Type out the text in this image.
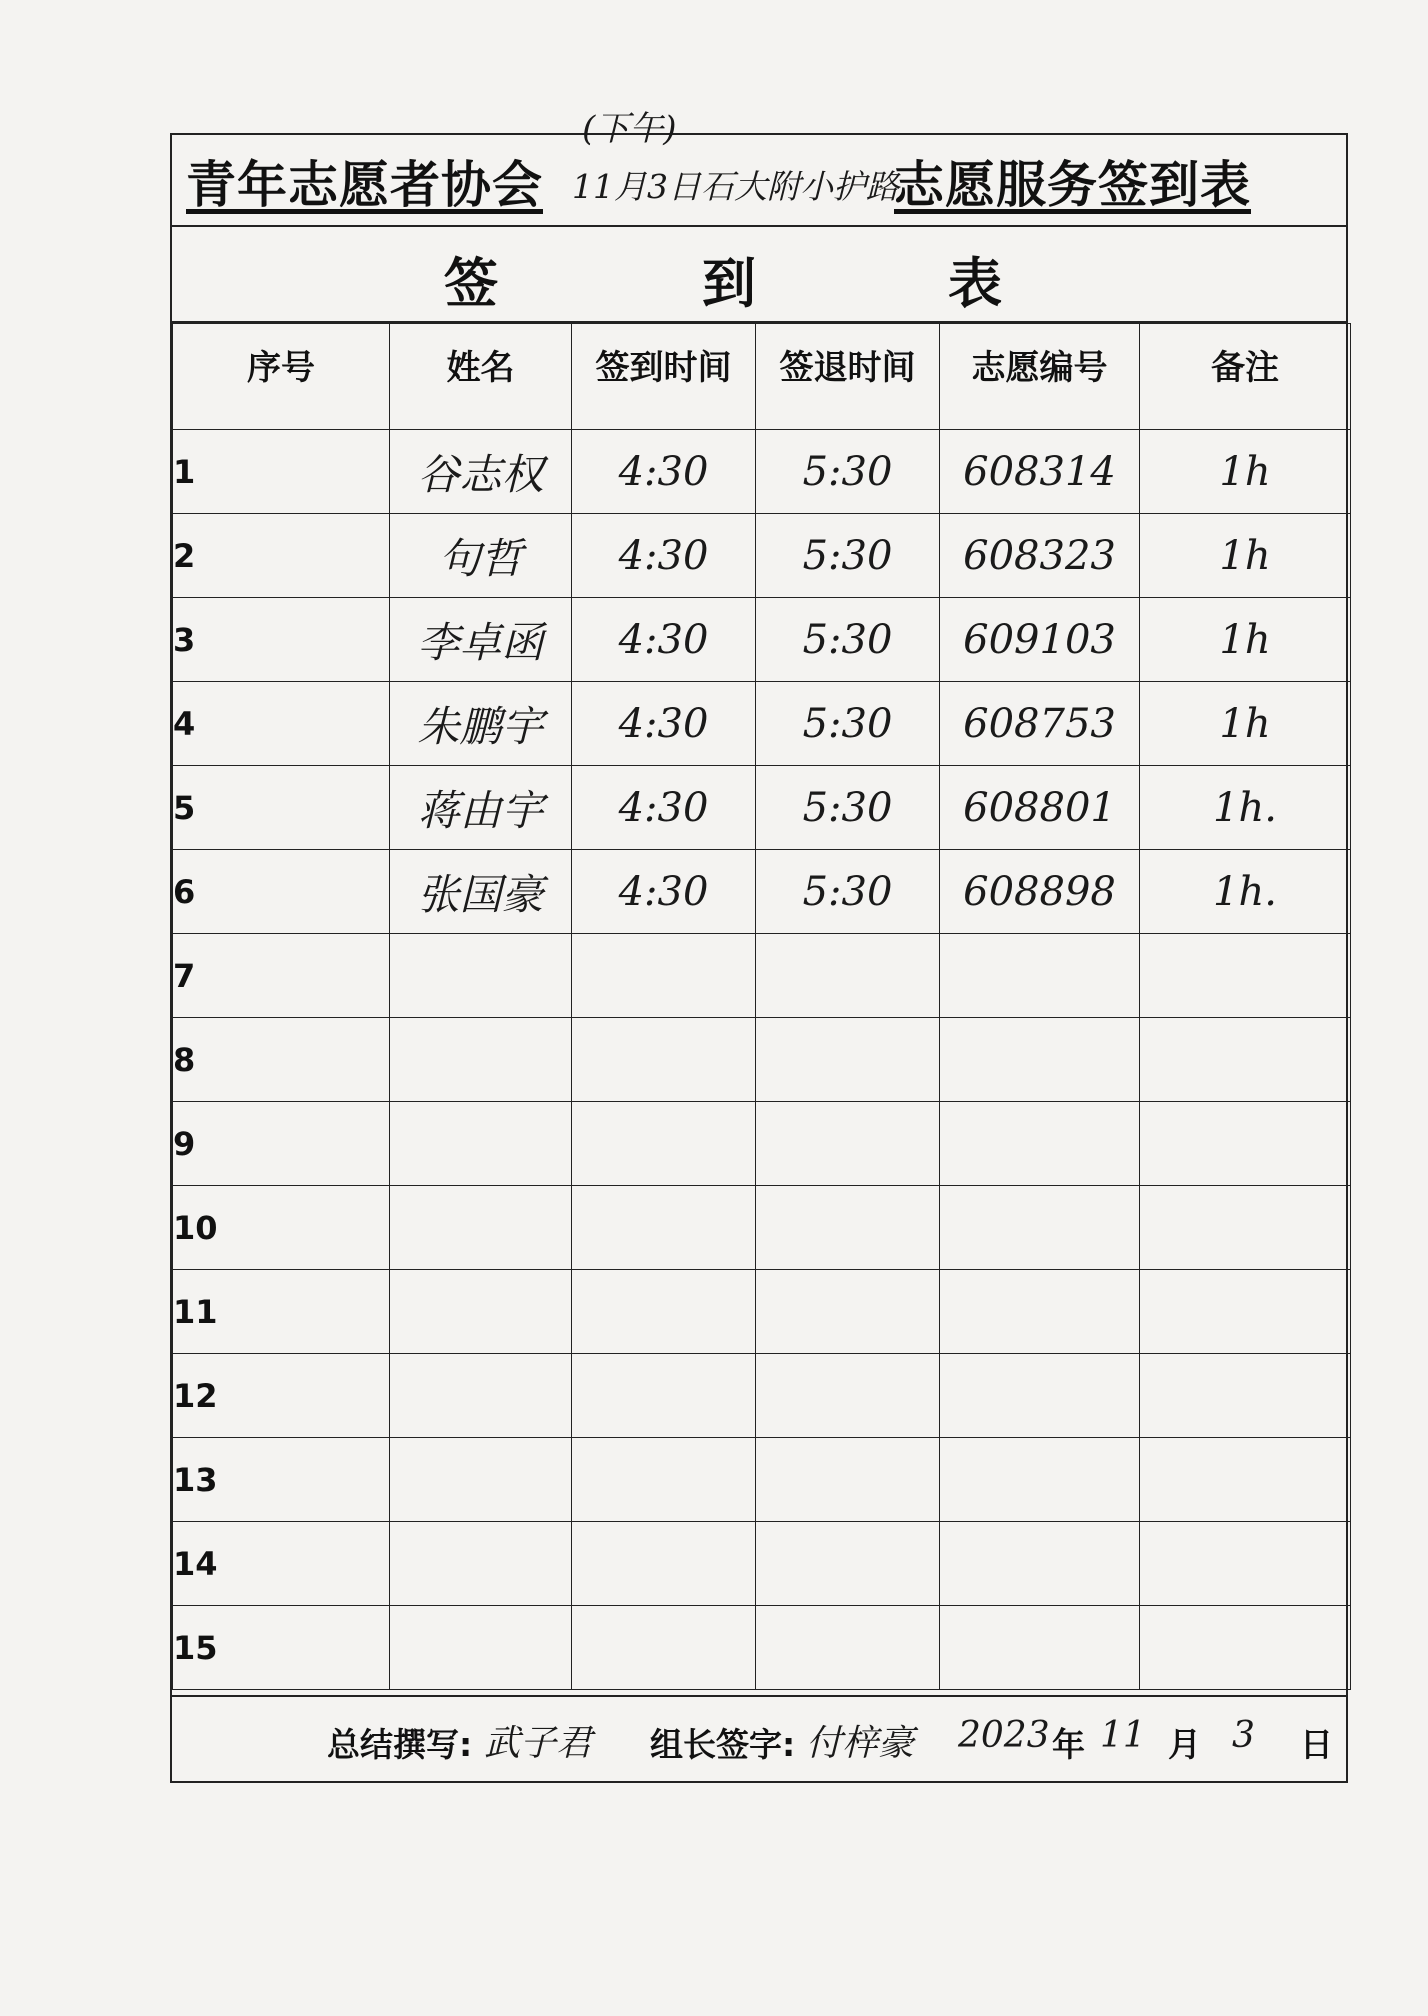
青年志愿者协会
(下午)
11月3日石大附小护路
志愿服务签到表
签	到	表
序号	姓名	签到时间	签退时间	志愿编号	备注
1	谷志权	4:30	5:30	608314	1h
2	句哲	4:30	5:30	608323	1h
3	李卓函	4:30	5:30	609103	1h
4	朱鹏宇	4:30	5:30	608753	1h
5	蒋由宇	4:30	5:30	608801	1h.
6	张国豪	4:30	5:30	608898	1h.
7					
8					
9					
10					
11					
12					
13					
14					
15					
总结撰写: 武子君 组长签字: 付梓豪 2023 年 11 月 3 日
